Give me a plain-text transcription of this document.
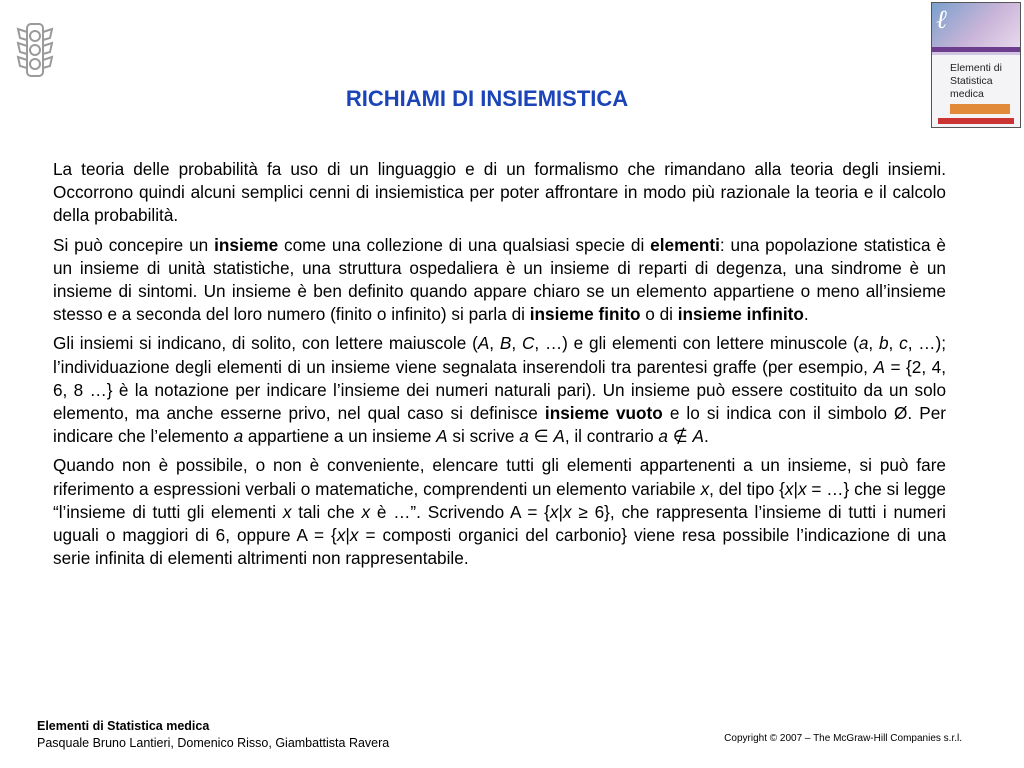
ℓ
Elementi di
Statistica
medica
RICHIAMI DI INSIEMISTICA

La teoria delle probabilità fa uso di un linguaggio e di un formalismo che rimandano alla teoria degli insiemi. Occorrono quindi alcuni semplici cenni di insiemistica per poter affrontare in modo più razionale la teoria e il calcolo della probabilità.

Si può concepire un insieme come una collezione di una qualsiasi specie di elementi: una popolazione statistica è un insieme di unità statistiche, una struttura ospedaliera è un insieme di reparti di degenza, una sindrome è un insieme di sintomi. Un insieme è ben definito quando appare chiaro se un elemento appartiene o meno all’insieme stesso e a seconda del loro numero (finito o infinito) si parla di insieme finito o di insieme infinito.

Gli insiemi si indicano, di solito, con lettere maiuscole (A, B, C, …) e gli elementi con lettere minuscole (a, b, c, …); l’individuazione degli elementi di un insieme viene segnalata inserendoli tra parentesi graffe (per esempio, A = {2, 4, 6, 8 …} è la notazione per indicare l’insieme dei numeri naturali pari). Un insieme può essere costituito da un solo elemento, ma anche esserne privo, nel qual caso si definisce insieme vuoto e lo si indica con il simbolo Ø. Per indicare che l’elemento a appartiene a un insieme A si scrive a ∈ A, il contrario a ∉ A.

Quando non è possibile, o non è conveniente, elencare tutti gli elementi appartenenti a un insieme, si può fare riferimento a espressioni verbali o matematiche, comprendenti un elemento variabile x, del tipo {x|x = …} che si legge “l’insieme di tutti gli elementi x tali che x è …”. Scrivendo A = {x|x ≥ 6}, che rappresenta l’insieme di tutti i numeri uguali o maggiori di 6, oppure A = {x|x = composti organici del carbonio} viene resa possibile l’indicazione di una serie infinita di elementi altrimenti non rappresentabile.

Elementi di Statistica medica
Pasquale Bruno Lantieri, Domenico Risso, Giambattista Ravera	Copyright © 2007 – The McGraw-Hill Companies s.r.l.
